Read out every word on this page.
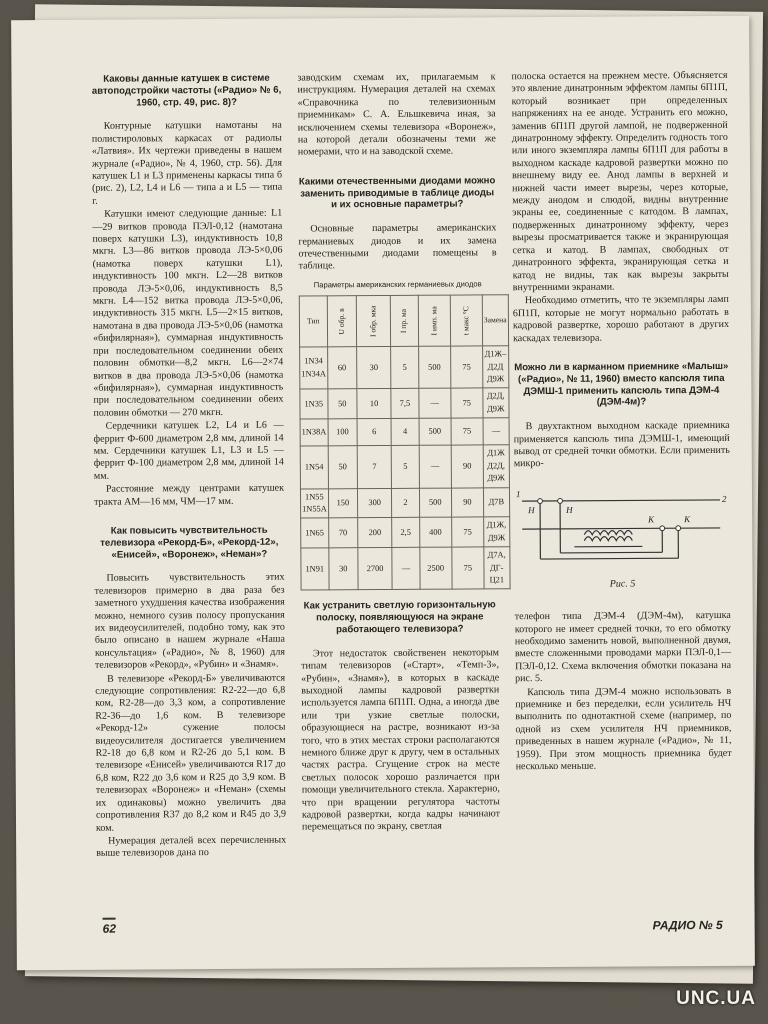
Каковы данные катушек в системе автоподстройки частоты («Радио» № 6, 1960, стр. 49, рис. 8)?

Контурные катушки намотаны на полистироловых каркасах от радиолы «Латвия». Их чертежи приведены в нашем журнале («Радио», № 4, 1960, стр. 56). Для катушек L1 и L3 применены каркасы типа б (рис. 2), L2, L4 и L6 — типа a и L5 — типа г.

Катушки имеют следующие данные: L1—29 витков провода ПЭЛ-0,12 (намотана поверх катушки L3), индуктивность 10,8 мкгн. L3—86 витков провода ЛЭ-5×0,06 (намотка поверх катушки L1), индуктивность 100 мкгн. L2—28 витков провода ЛЭ-5×0,06, индуктивность 8,5 мкгн. L4—152 витка провода ЛЭ-5×0,06, индуктивность 315 мкгн. L5—2×15 витков, намотана в два провода ЛЭ-5×0,06 (намотка «бифилярная»), суммарная индуктивность при последовательном соединении обеих половин обмотки—8,2 мкгн. L6—2×74 витков в два провода ЛЭ-5×0,06 (намотка «бифилярная»), суммарная индуктивность при последовательном соединении обеих половин обмотки — 270 мкгн.

Сердечники катушек L2, L4 и L6 — феррит Ф-600 диаметром 2,8 мм, длиной 14 мм. Сердечники катушек L1, L3 и L5 — феррит Ф-100 диаметром 2,8 мм, длиной 14 мм.

Расстояние между центрами катушек тракта АМ—16 мм, ЧМ—17 мм.

Как повысить чувствительность телевизора «Рекорд-Б», «Рекорд-12», «Енисей», «Воронеж», «Неман»?

Повысить чувствительность этих телевизоров примерно в два раза без заметного ухудшения качества изображения можно, немного сузив полосу пропускания их видеоусилителей, подобно тому, как это было описано в нашем журнале «Наша консультация» («Радио», № 8, 1960) для телевизоров «Рекорд», «Рубин» и «Знамя».

В телевизоре «Рекорд-Б» увеличиваются следующие сопротивления: R2-22—до 6,8 ком, R2-28—до 3,3 ком, а сопротивление R2-36—до 1,6 ком. В телевизоре «Рекорд-12» сужение полосы видеоусилителя достигается увеличением R2-18 до 6,8 ком и R2-26 до 5,1 ком. В телевизоре «Енисей» увеличиваются R17 до 6,8 ком, R22 до 3,6 ком и R25 до 3,9 ком. В телевизорах «Воронеж» и «Неман» (схемы их одинаковы) можно увеличить два сопротивления R37 до 8,2 ком и R45 до 3,9 ком.

Нумерация деталей всех перечисленных выше телевизоров дана по

заводским схемам их, прилагаемым к инструкциям. Нумерация деталей на схемах «Справочника по телевизионным приемникам» С. А. Ельшкевича иная, за исключением схемы телевизора «Воронеж», на которой детали обозначены теми же номерами, что и на заводской схеме.

Какими отечественными диодами можно заменить приводимые в таблице диоды и их основные параметры?

Основные параметры американских германиевых диодов и их замена отечественными диодами помещены в таблице.

Параметры американских германиевых диодов
Тип	U обр. в	I обр. мка	I пр. ма	I имп. ма	t макс °C	Замена
1N34
1N34A	60	30	5	500	75	Д1Ж–Д2Д
Д9Ж
1N35	50	10	7,5	—	75	Д2Д, Д9Ж
1N38A	100	6	4	500	75	—
1N54	50	7	5	—	90	Д1Ж
Д2Д, Д9Ж
1N55
1N55A	150	300	2	500	90	Д7В
1N65	70	200	2,5	400	75	Д1Ж,
Д9Ж
1N91	30	2700	—	2500	75	Д7А,
ДГ-Ц21
Как устранить светлую горизонтальную полоску, появляющуюся на экране работающего телевизора?

Этот недостаток свойственен некоторым типам телевизоров («Старт», «Темп-3», «Рубин», «Знамя»), в которых в каскаде выходной лампы кадровой развертки используется лампа 6П1П. Одна, а иногда две или три узкие светлые полоски, образующиеся на растре, возникают из-за того, что в этих местах строки располагаются немного ближе друг к другу, чем в остальных частях растра. Сгущение строк на месте светлых полосок хорошо различается при помощи увеличительного стекла. Характерно, что при вращении регулятора частоты кадровой развертки, когда кадры начинают перемещаться по экрану, светлая

полоска остается на прежнем месте. Объясняется это явление динатронным эффектом лампы 6П1П, который возникает при определенных напряжениях на ее аноде. Устранить его можно, заменив 6П1П другой лампой, не подверженной динатронному эффекту. Определить годность того или иного экземпляра лампы 6П1П для работы в выходном каскаде кадровой развертки можно по внешнему виду ее. Анод лампы в верхней и нижней части имеет вырезы, через которые, между анодом и слюдой, видны внутренние экраны ее, соединенные с катодом. В лампах, подверженных динатронному эффекту, через вырезы просматривается также и экранирующая сетка и катод. В лампах, свободных от динатронного эффекта, экранирующая сетка и катод не видны, так как вырезы закрыты внутренними экранами.

Необходимо отметить, что те экземпляры ламп 6П1П, которые не могут нормально работать в кадровой развертке, хорошо работают в других каскадах телевизора.

Можно ли в карманном приемнике «Малыш» («Радио», № 11, 1960) вместо капсюля типа ДЭМШ-1 применить капсюль типа ДЭМ-4 (ДЭМ-4м)?

В двухтактном выходном каскаде приемника применяется капсюль типа ДЭМШ-1, имеющий вывод от средней точки обмотки. Если применить микро-

1	2
H	H
K	K
Рис. 5

телефон типа ДЭМ-4 (ДЭМ-4м), катушка которого не имеет средней точки, то его обмотку необходимо заменить новой, выполненной двумя, вместе сложенными проводами марки ПЭЛ-0,1—ПЭЛ-0,12. Схема включения обмотки показана на рис. 5.

Капсюль типа ДЭМ-4 можно использовать в приемнике и без переделки, если усилитель НЧ выполнить по однотактной схеме (например, по одной из схем усилителя НЧ приемников, приведенных в нашем журнале («Радио», № 11, 1959). При этом мощность приемника будет несколько меньше.

62	РАДИО № 5
UNC.UA
